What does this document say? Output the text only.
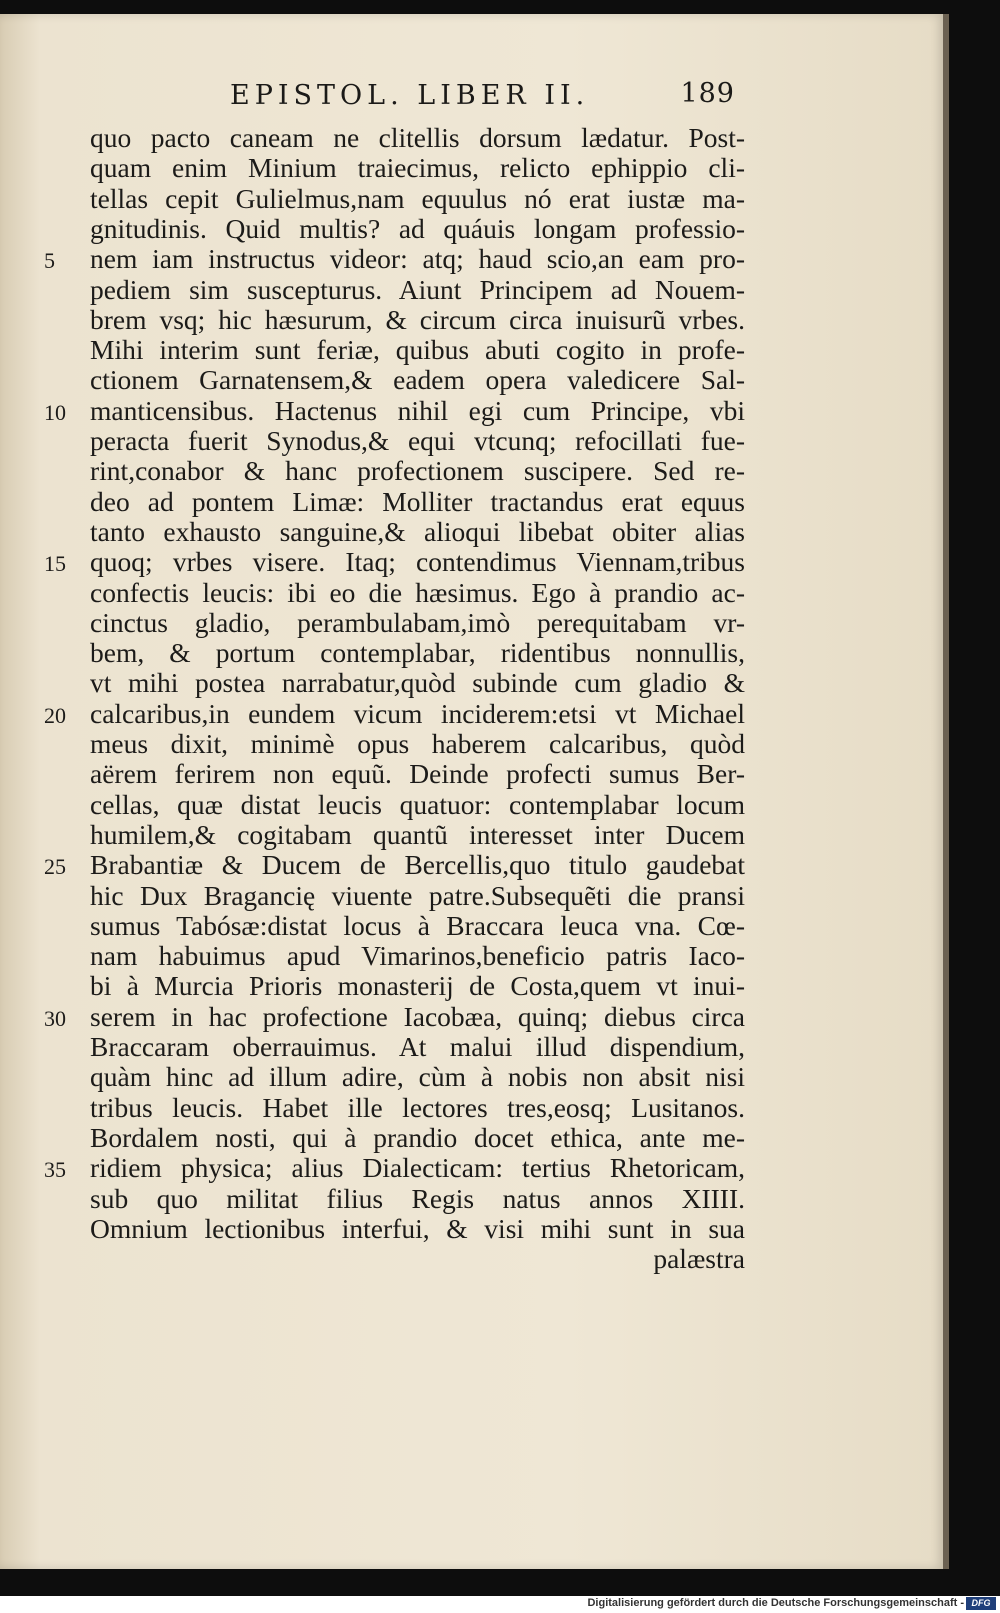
EPISTOL. LIBER II.	189
quo pacto caneam ne clitellis dorsum lædatur. Post-
quam enim Minium traiecimus, relicto ephippio cli-
tellas cepit Gulielmus,nam equulus nó erat iustæ ma-
gnitudinis. Quid multis? ad quáuis longam professio-
nem iam instructus videor: atq; haud scio,an eam pro-
5
pediem sim suscepturus. Aiunt Principem ad Nouem-
brem vsq; hic hæsurum, & circum circa inuisurũ vrbes.
Mihi interim sunt feriæ, quibus abuti cogito in profe-
ctionem Garnatensem,& eadem opera valedicere Sal-
manticensibus. Hactenus nihil egi cum Principe, vbi
10
peracta fuerit Synodus,& equi vtcunq; refocillati fue-
rint,conabor & hanc profectionem suscipere. Sed re-
deo ad pontem Limæ: Molliter tractandus erat equus
tanto exhausto sanguine,& alioqui libebat obiter alias
quoq; vrbes visere. Itaq; contendimus Viennam,tribus
15
confectis leucis: ibi eo die hæsimus. Ego à prandio ac-
cinctus gladio, perambulabam,imò perequitabam vr-
bem, & portum contemplabar, ridentibus nonnullis,
vt mihi postea narrabatur,quòd subinde cum gladio &
calcaribus,in eundem vicum inciderem:etsi vt Michael
20
meus dixit, minimè opus haberem calcaribus, quòd
aërem ferirem non equũ. Deinde profecti sumus Ber-
cellas, quæ distat leucis quatuor: contemplabar locum
humilem,& cogitabam quantũ interesset inter Ducem
Brabantiæ & Ducem de Bercellis,quo titulo gaudebat
25
hic Dux Bragancię viuente patre.Subsequẽti die pransi
sumus Tabósæ:distat locus à Braccara leuca vna. Cœ-
nam habuimus apud Vimarinos,beneficio patris Iaco-
bi à Murcia Prioris monasterij de Costa,quem vt inui-
serem in hac profectione Iacobæa, quinq; diebus circa
30
Braccaram oberrauimus. At malui illud dispendium,
quàm hinc ad illum adire, cùm à nobis non absit nisi
tribus leucis. Habet ille lectores tres,eosq; Lusitanos.
Bordalem nosti, qui à prandio docet ethica, ante me-
ridiem physica; alius Dialecticam: tertius Rhetoricam,
35
sub quo militat filius Regis natus annos XIIII.
Omnium lectionibus interfui, & visi mihi sunt in sua
palæstra
Digitalisierung gefördert durch die Deutsche Forschungsgemeinschaft - DFG
